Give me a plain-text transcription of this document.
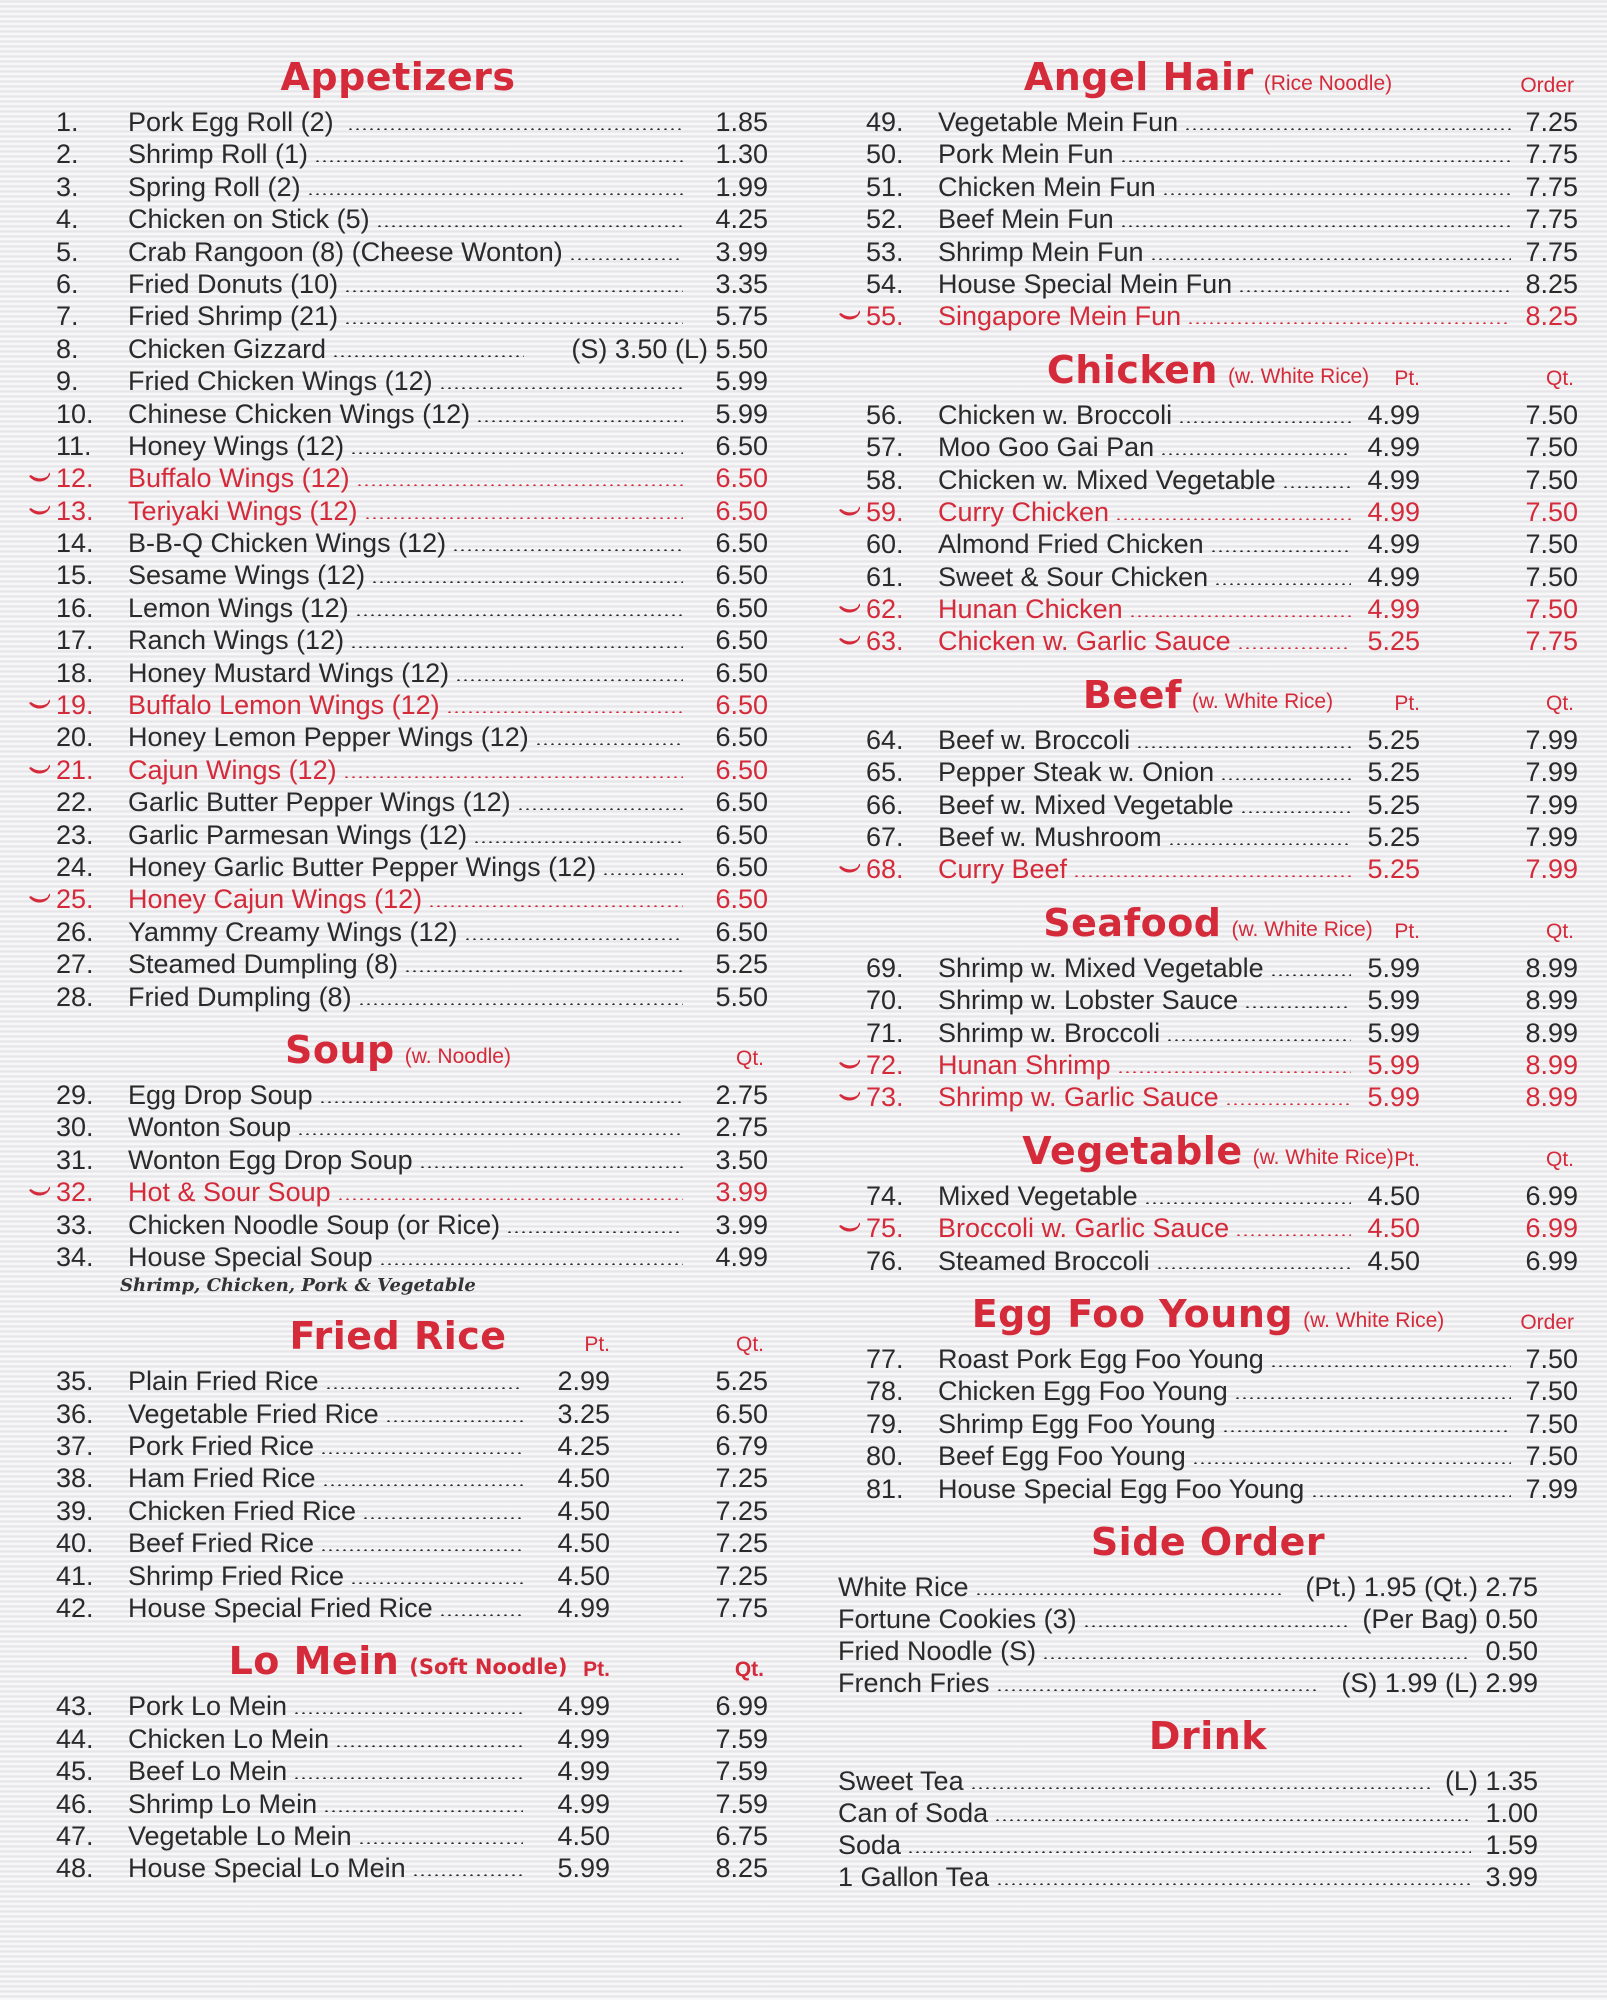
Appetizers
1.	Pork Egg Roll (2)	1.85
2.	Shrimp Roll (1)	1.30
3.	Spring Roll (2)	1.99
4.	Chicken on Stick (5)	4.25
5.	Crab Rangoon (8) (Cheese Wonton)	3.99
6.	Fried Donuts (10)	3.35
7.	Fried Shrimp (21)	5.75
8.	Chicken Gizzard	(S) 3.50 (L) 5.50
9.	Fried Chicken Wings (12)	5.99
10.	Chinese Chicken Wings (12)	5.99
11.	Honey Wings (12)	6.50
12.	Buffalo Wings (12)	6.50
13.	Teriyaki Wings (12)	6.50
14.	B-B-Q Chicken Wings (12)	6.50
15.	Sesame Wings (12)	6.50
16.	Lemon Wings (12)	6.50
17.	Ranch Wings (12)	6.50
18.	Honey Mustard Wings (12)	6.50
19.	Buffalo Lemon Wings (12)	6.50
20.	Honey Lemon Pepper Wings (12)	6.50
21.	Cajun Wings (12)	6.50
22.	Garlic Butter Pepper Wings (12)	6.50
23.	Garlic Parmesan Wings (12)	6.50
24.	Honey Garlic Butter Pepper Wings (12)	6.50
25.	Honey Cajun Wings (12)	6.50
26.	Yammy Creamy Wings (12)	6.50
27.	Steamed Dumpling (8)	5.25
28.	Fried Dumpling (8)	5.50
Soup (w. Noodle)	Qt.
29.	Egg Drop Soup	2.75
30.	Wonton Soup	2.75
31.	Wonton Egg Drop Soup	3.50
32.	Hot & Sour Soup	3.99
33.	Chicken Noodle Soup (or Rice)	3.99
34.	House Special Soup	4.99
Shrimp, Chicken, Pork & Vegetable
Fried Rice	Pt.	Qt.
35.	Plain Fried Rice	2.99	5.25
36.	Vegetable Fried Rice	3.25	6.50
37.	Pork Fried Rice	4.25	6.79
38.	Ham Fried Rice	4.50	7.25
39.	Chicken Fried Rice	4.50	7.25
40.	Beef Fried Rice	4.50	7.25
41.	Shrimp Fried Rice	4.50	7.25
42.	House Special Fried Rice	4.99	7.75
Lo Mein (Soft Noodle) Pt.	Qt.
43.	Pork Lo Mein	4.99	6.99
44.	Chicken Lo Mein	4.99	7.59
45.	Beef Lo Mein	4.99	7.59
46.	Shrimp Lo Mein	4.99	7.59
47.	Vegetable Lo Mein	4.50	6.75
48.	House Special Lo Mein	5.99	8.25
Angel Hair (Rice Noodle)	Order
49.	Vegetable Mein Fun	7.25
50.	Pork Mein Fun	7.75
51.	Chicken Mein Fun	7.75
52.	Beef Mein Fun	7.75
53.	Shrimp Mein Fun	7.75
54.	House Special Mein Fun	8.25
55.	Singapore Mein Fun	8.25
Chicken (w. White Rice)	Pt.	Qt.
56.	Chicken w. Broccoli	4.99	7.50
57.	Moo Goo Gai Pan	4.99	7.50
58.	Chicken w. Mixed Vegetable	4.99	7.50
59.	Curry Chicken	4.99	7.50
60.	Almond Fried Chicken	4.99	7.50
61.	Sweet & Sour Chicken	4.99	7.50
62.	Hunan Chicken	4.99	7.50
63.	Chicken w. Garlic Sauce	5.25	7.75
Beef (w. White Rice)	Pt.	Qt.
64.	Beef w. Broccoli	5.25	7.99
65.	Pepper Steak w. Onion	5.25	7.99
66.	Beef w. Mixed Vegetable	5.25	7.99
67.	Beef w. Mushroom	5.25	7.99
68.	Curry Beef	5.25	7.99
Seafood (w. White Rice)	Pt.	Qt.
69.	Shrimp w. Mixed Vegetable	5.99	8.99
70.	Shrimp w. Lobster Sauce	5.99	8.99
71.	Shrimp w. Broccoli	5.99	8.99
72.	Hunan Shrimp	5.99	8.99
73.	Shrimp w. Garlic Sauce	5.99	8.99
Vegetable (w. White Rice) Pt.	Qt.
74.	Mixed Vegetable	4.50	6.99
75.	Broccoli w. Garlic Sauce	4.50	6.99
76.	Steamed Broccoli	4.50	6.99
Egg Foo Young (w. White Rice)	Order
77.	Roast Pork Egg Foo Young	7.50
78.	Chicken Egg Foo Young	7.50
79.	Shrimp Egg Foo Young	7.50
80.	Beef Egg Foo Young	7.50
81.	House Special Egg Foo Young	7.99
Side Order
White Rice	(Pt.) 1.95 (Qt.) 2.75
Fortune Cookies (3)	(Per Bag) 0.50
Fried Noodle (S)	0.50
French Fries	(S) 1.99 (L) 2.99
Drink
Sweet Tea	(L) 1.35
Can of Soda	1.00
Soda	1.59
1 Gallon Tea	3.99
